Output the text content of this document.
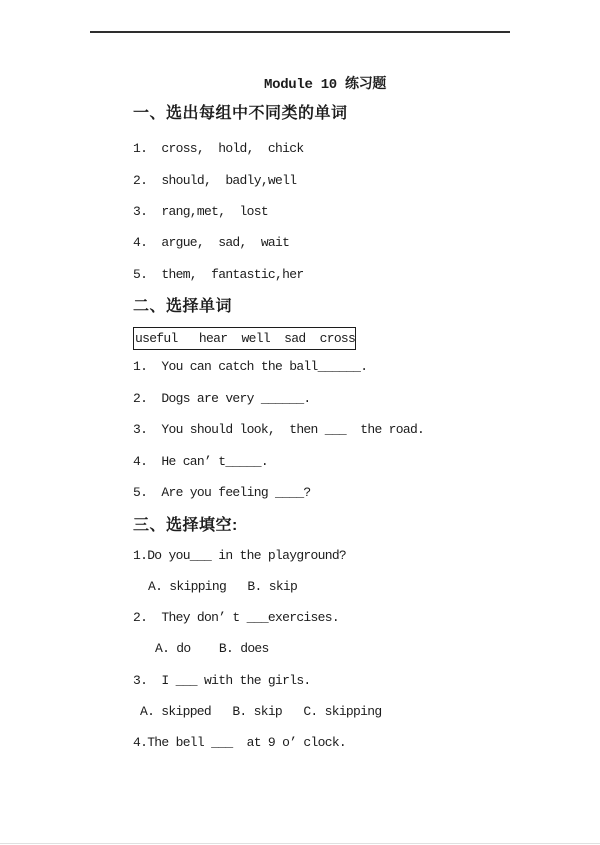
Module 10 练习题
一、选出每组中不同类的单词
1.  cross,  hold,  chick
2.  should,  badly,well
3.  rang,met,  lost
4.  argue,  sad,  wait
5.  them,  fantastic,her
二、选择单词
useful   hear  well  sad  cross
1.  You can catch the ball______.
2.  Dogs are very ______.
3.  You should look,  then ___  the road.
4.  He can’ t_____.
5.  Are you feeling ____?
三、选择填空:
1.Do you___ in the playground?
A. skipping   B. skip
2.  They don’ t ___exercises.
A. do    B. does
3.  I ___ with the girls.
A. skipped   B. skip   C. skipping
4.The bell ___  at 9 o’ clock.
